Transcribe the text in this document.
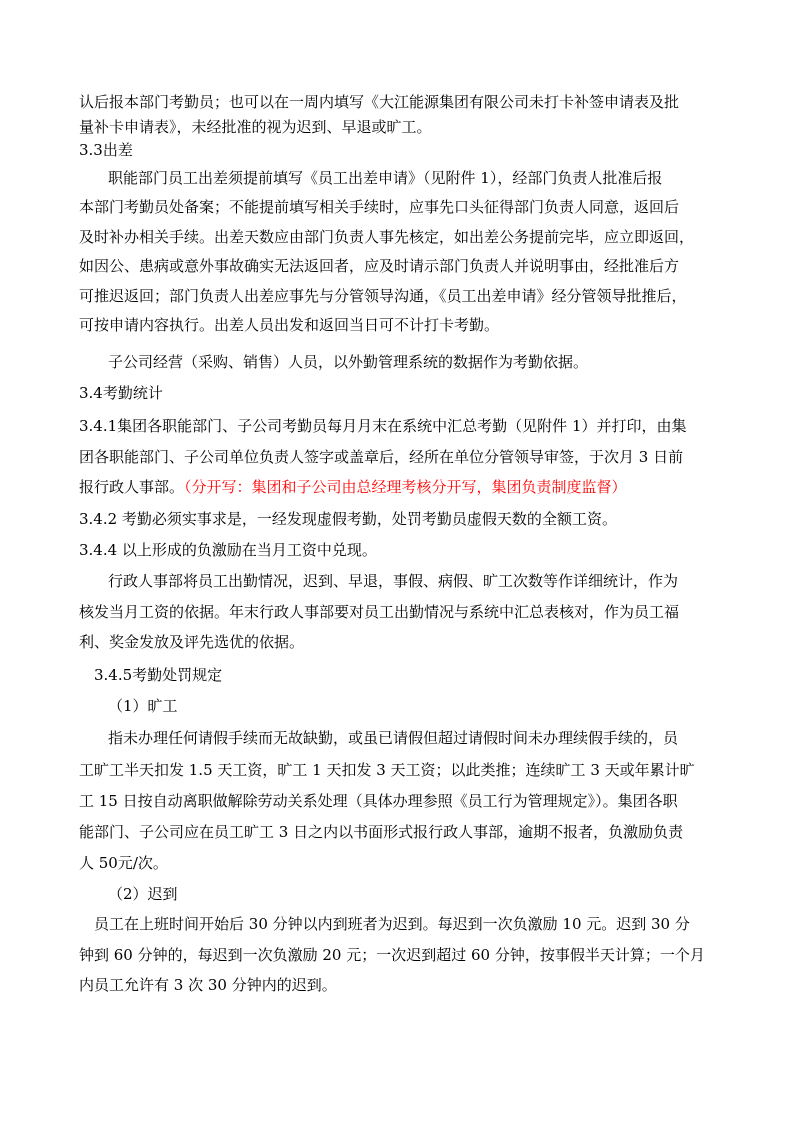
认后报本部门考勤员；也可以在一周内填写《大江能源集团有限公司未打卡补签申请表及批
量补卡申请表》，未经批准的视为迟到、早退或旷工。
3.3出差
职能部门员工出差须提前填写《员工出差申请》（见附件 1），经部门负责人批准后报
本部门考勤员处备案；不能提前填写相关手续时，应事先口头征得部门负责人同意，返回后
及时补办相关手续。出差天数应由部门负责人事先核定，如出差公务提前完毕，应立即返回，
如因公、患病或意外事故确实无法返回者，应及时请示部门负责人并说明事由，经批准后方
可推迟返回；部门负责人出差应事先与分管领导沟通，《员工出差申请》经分管领导批推后，
可按申请内容执行。出差人员出发和返回当日可不计打卡考勤。
子公司经营（采购、销售）人员，以外勤管理系统的数据作为考勤依据。
3.4考勤统计
3.4.1集团各职能部门、子公司考勤员每月月末在系统中汇总考勤（见附件 1）并打印，由集
团各职能部门、子公司单位负责人签字或盖章后，经所在单位分管领导审签，于次月 3 日前
报行政人事部。（分开写：集团和子公司由总经理考核分开写，集团负责制度监督）
3.4.2 考勤必须实事求是，一经发现虚假考勤，处罚考勤员虚假天数的全额工资。
3.4.4 以上形成的负激励在当月工资中兑现。
行政人事部将员工出勤情况，迟到、早退，事假、病假、旷工次数等作详细统计，作为
核发当月工资的依据。年末行政人事部要对员工出勤情况与系统中汇总表核对，作为员工福
利、奖金发放及评先选优的依据。
3.4.5考勤处罚规定
（1）旷工
指未办理任何请假手续而无故缺勤，或虽已请假但超过请假时间未办理续假手续的，员
工旷工半天扣发 1.5 天工资，旷工 1 天扣发 3 天工资；以此类推；连续旷工 3 天或年累计旷
工 15 日按自动离职做解除劳动关系处理（具体办理参照《员工行为管理规定》）。集团各职
能部门、子公司应在员工旷工 3 日之内以书面形式报行政人事部，逾期不报者，负激励负责
人 50元/次。
（2）迟到
员工在上班时间开始后 30 分钟以内到班者为迟到。每迟到一次负激励 10 元。迟到 30 分
钟到 60 分钟的，每迟到一次负激励 20 元；一次迟到超过 60 分钟，按事假半天计算；一个月
内员工允许有 3 次 30 分钟内的迟到。
